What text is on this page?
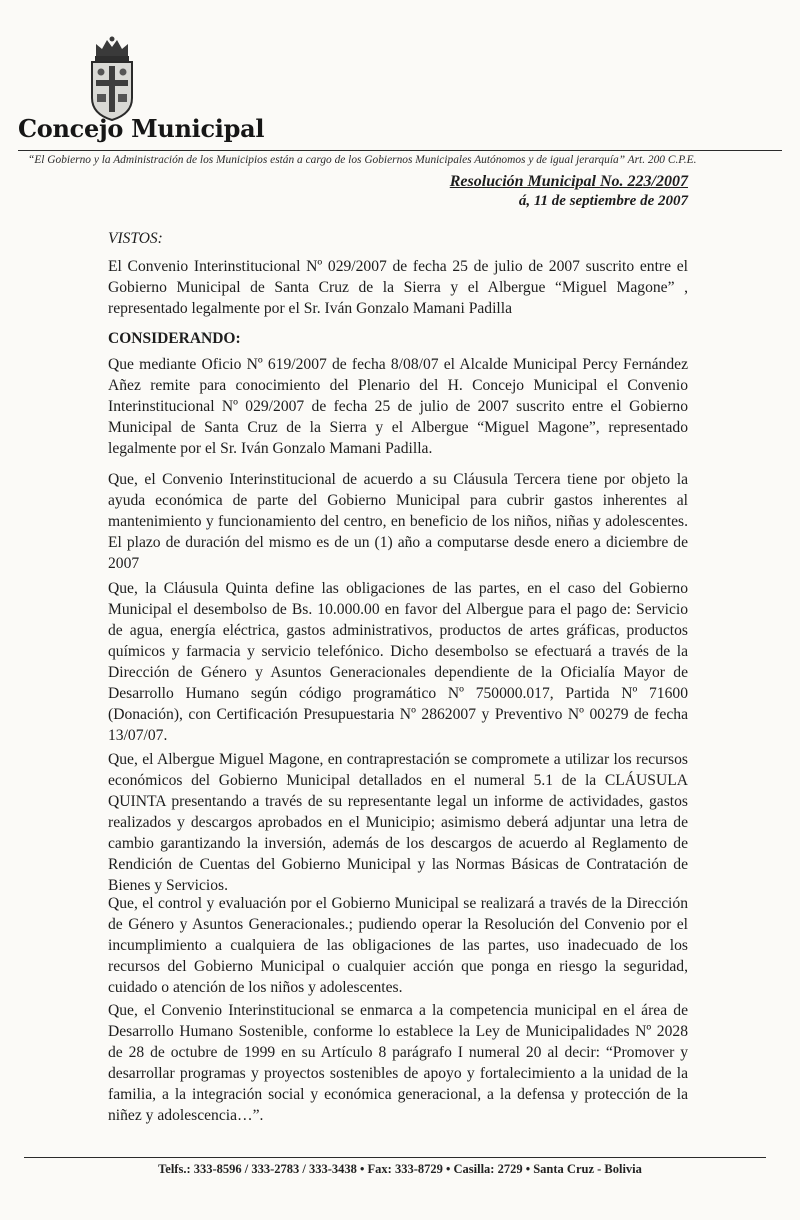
Concejo Municipal
“El Gobierno y la Administración de los Municipios están a cargo de los Gobiernos Municipales Autónomos y de igual jerarquía” Art. 200 C.P.E.
Resolución Municipal No. 223/2007
á, 11 de septiembre de 2007
VISTOS:

El Convenio Interinstitucional Nº 029/2007 de fecha 25 de julio de 2007 suscrito entre el Gobierno Municipal de Santa Cruz de la Sierra y el Albergue “Miguel Magone” , representado legalmente por el Sr. Iván Gonzalo Mamani Padilla

CONSIDERANDO:

Que mediante Oficio Nº 619/2007 de fecha 8/08/07 el Alcalde Municipal Percy Fernández Añez remite para conocimiento del Plenario del H. Concejo Municipal el Convenio Interinstitucional Nº 029/2007 de fecha 25 de julio de 2007 suscrito entre el Gobierno Municipal de Santa Cruz de la Sierra y el Albergue “Miguel Magone”, representado legalmente por el Sr. Iván Gonzalo Mamani Padilla.

Que, el Convenio Interinstitucional de acuerdo a su Cláusula Tercera tiene por objeto la ayuda económica de parte del Gobierno Municipal para cubrir gastos inherentes al mantenimiento y funcionamiento del centro, en beneficio de los niños, niñas y adolescentes. El plazo de duración del mismo es de un (1) año a computarse desde enero a diciembre de 2007

Que, la Cláusula Quinta define las obligaciones de las partes, en el caso del Gobierno Municipal el desembolso de Bs. 10.000.00 en favor del Albergue para el pago de: Servicio de agua, energía eléctrica, gastos administrativos, productos de artes gráficas, productos químicos y farmacia y servicio telefónico. Dicho desembolso se efectuará a través de la Dirección de Género y Asuntos Generacionales dependiente de la Oficialía Mayor de Desarrollo Humano según código programático Nº 750000.017, Partida Nº 71600 (Donación), con Certificación Presupuestaria Nº 2862007 y Preventivo Nº 00279 de fecha 13/07/07.

Que, el Albergue Miguel Magone, en contraprestación se compromete a utilizar los recursos económicos del Gobierno Municipal detallados en el numeral 5.1 de la CLÁUSULA QUINTA presentando a través de su representante legal un informe de actividades, gastos realizados y descargos aprobados en el Municipio; asimismo deberá adjuntar una letra de cambio garantizando la inversión, además de los descargos de acuerdo al Reglamento de Rendición de Cuentas del Gobierno Municipal y las Normas Básicas de Contratación de Bienes y Servicios.

Que, el control y evaluación por el Gobierno Municipal se realizará a través de la Dirección de Género y Asuntos Generacionales.; pudiendo operar la Resolución del Convenio por el incumplimiento a cualquiera de las obligaciones de las partes, uso inadecuado de los recursos del Gobierno Municipal o cualquier acción que ponga en riesgo la seguridad, cuidado o atención de los niños y adolescentes.

Que, el Convenio Interinstitucional se enmarca a la competencia municipal en el área de Desarrollo Humano Sostenible, conforme lo establece la Ley de Municipalidades Nº 2028 de 28 de octubre de 1999 en su Artículo 8 parágrafo I numeral 20 al decir: “Promover y desarrollar programas y proyectos sostenibles de apoyo y fortalecimiento a la unidad de la familia, a la integración social y económica generacional, a la defensa y protección de la niñez y adolescencia…”.

Telfs.: 333-8596 / 333-2783 / 333-3438 • Fax: 333-8729 • Casilla: 2729 • Santa Cruz - Bolivia
